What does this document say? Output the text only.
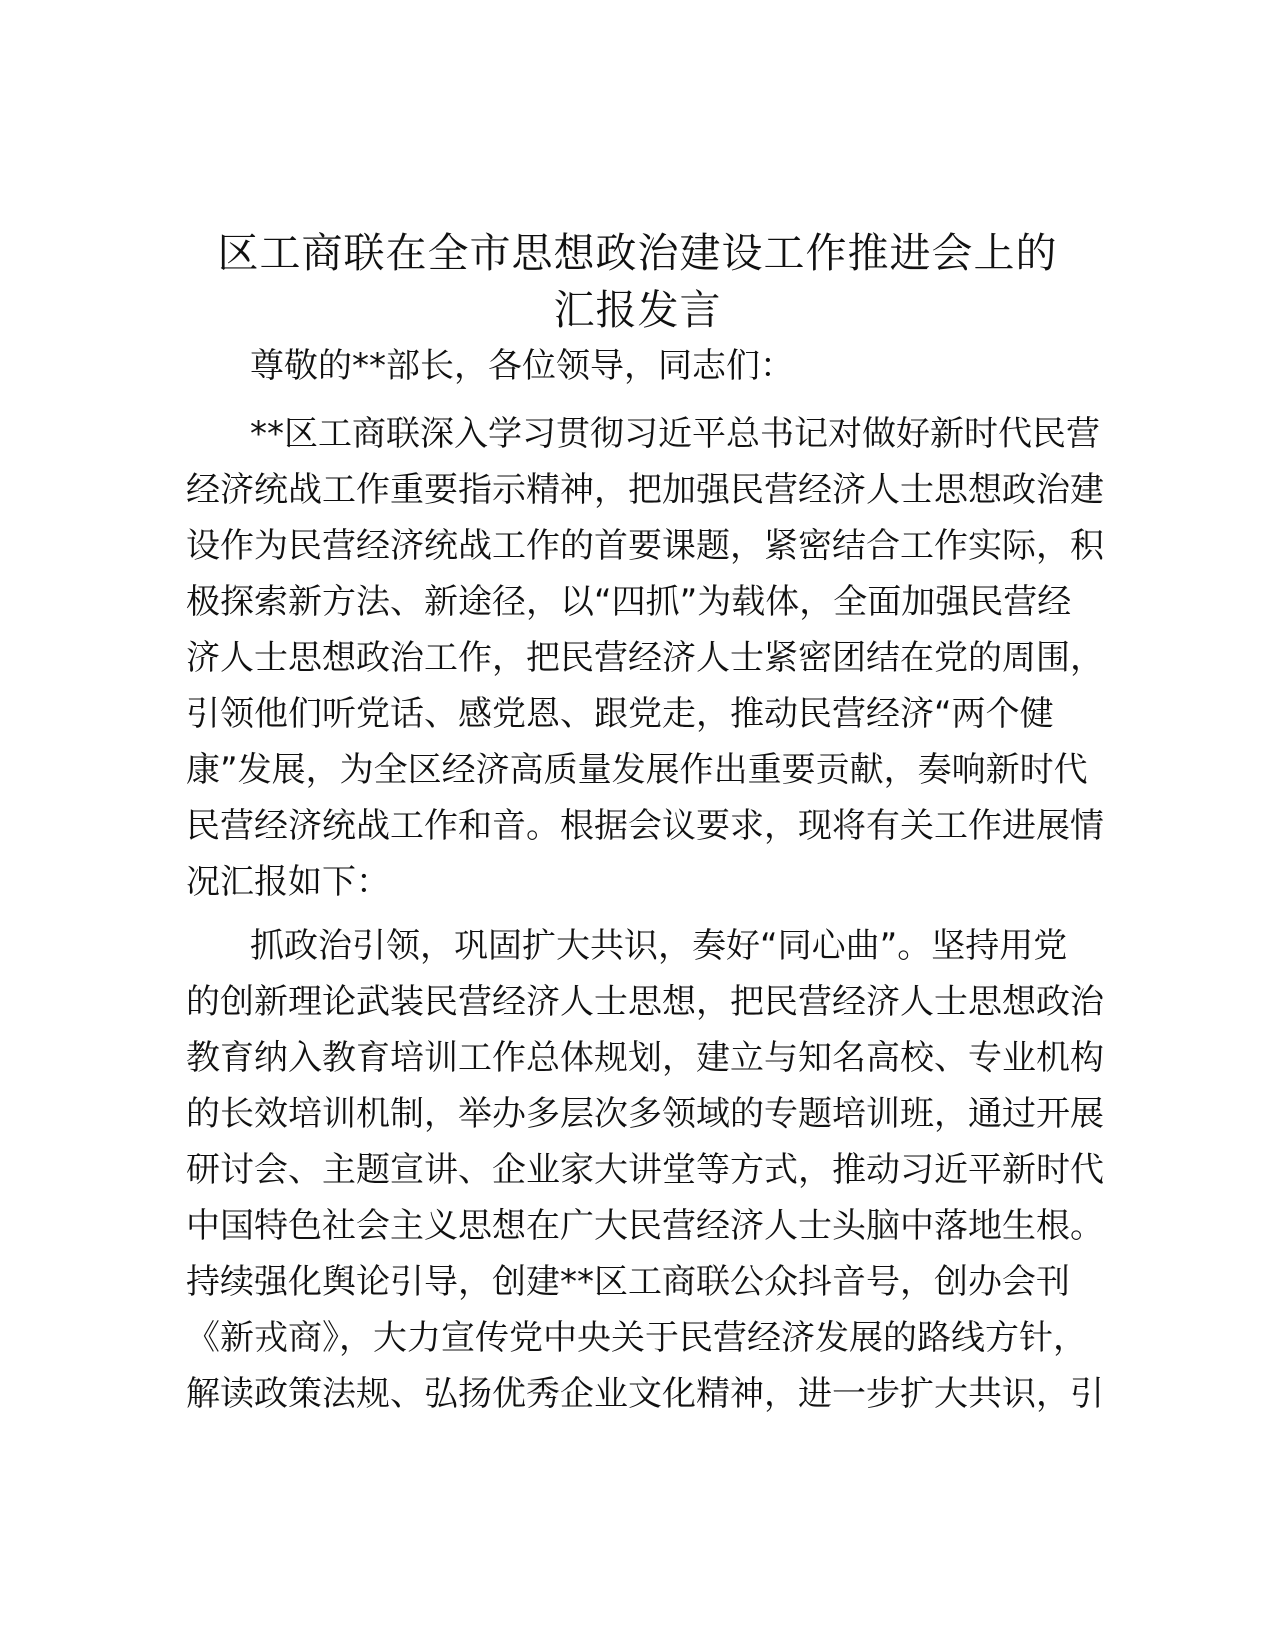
区工商联在全市思想政治建设工作推进会上的
汇报发言
尊敬的**部长，各位领导，同志们：
**区工商联深入学习贯彻习近平总书记对做好新时代民营
经济统战工作重要指示精神，把加强民营经济人士思想政治建
设作为民营经济统战工作的首要课题，紧密结合工作实际，积
极探索新方法、新途径，以“四抓”为载体，全面加强民营经
济人士思想政治工作，把民营经济人士紧密团结在党的周围，
引领他们听党话、感党恩、跟党走，推动民营经济“两个健
康”发展，为全区经济高质量发展作出重要贡献，奏响新时代
民营经济统战工作和音。根据会议要求，现将有关工作进展情
况汇报如下：
抓政治引领，巩固扩大共识，奏好“同心曲”。坚持用党
的创新理论武装民营经济人士思想，把民营经济人士思想政治
教育纳入教育培训工作总体规划，建立与知名高校、专业机构
的长效培训机制，举办多层次多领域的专题培训班，通过开展
研讨会、主题宣讲、企业家大讲堂等方式，推动习近平新时代
中国特色社会主义思想在广大民营经济人士头脑中落地生根。
持续强化舆论引导，创建**区工商联公众抖音号，创办会刊
《新戎商》，大力宣传党中央关于民营经济发展的路线方针，
解读政策法规、弘扬优秀企业文化精神，进一步扩大共识，引
